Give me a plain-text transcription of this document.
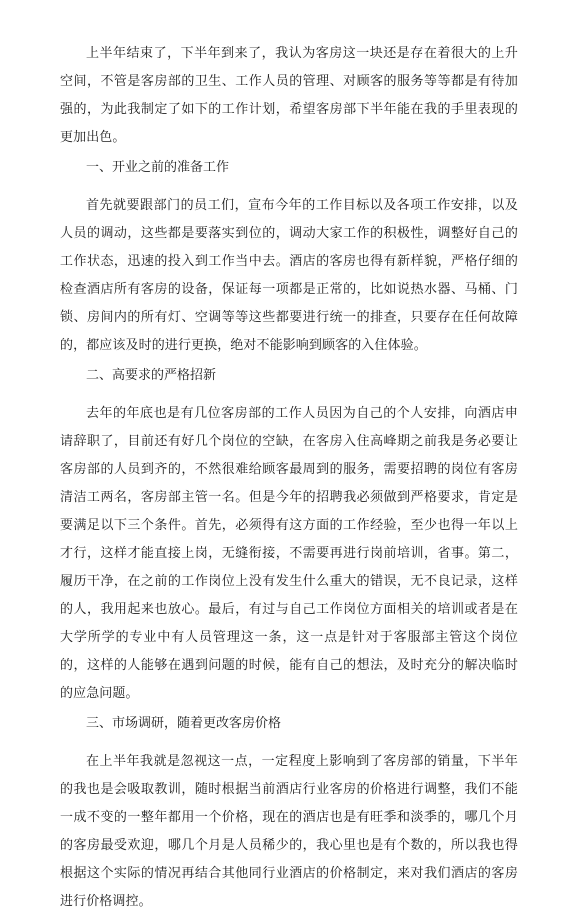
上半年结束了，下半年到来了，我认为客房这一块还是存在着很大的上升空间，不管是客房部的卫生、工作人员的管理、对顾客的服务等等都是有待加强的，为此我制定了如下的工作计划，希望客房部下半年能在我的手里表现的更加出色。

一、开业之前的准备工作

首先就要跟部门的员工们，宣布今年的工作目标以及各项工作安排，以及人员的调动，这些都是要落实到位的，调动大家工作的积极性，调整好自己的工作状态，迅速的投入到工作当中去。酒店的客房也得有新样貌，严格仔细的检查酒店所有客房的设备，保证每一项都是正常的，比如说热水器、马桶、门锁、房间内的所有灯、空调等等这些都要进行统一的排查，只要存在任何故障的，都应该及时的进行更换，绝对不能影响到顾客的入住体验。

二、高要求的严格招新

去年的年底也是有几位客房部的工作人员因为自己的个人安排，向酒店申请辞职了，目前还有好几个岗位的空缺，在客房入住高峰期之前我是务必要让客房部的人员到齐的，不然很难给顾客最周到的服务，需要招聘的岗位有客房清洁工两名，客房部主管一名。但是今年的招聘我必须做到严格要求，肯定是要满足以下三个条件。首先，必须得有这方面的工作经验，至少也得一年以上才行，这样才能直接上岗，无缝衔接，不需要再进行岗前培训，省事。第二，履历干净，在之前的工作岗位上没有发生什么重大的错误，无不良记录，这样的人，我用起来也放心。最后，有过与自己工作岗位方面相关的培训或者是在大学所学的专业中有人员管理这一条，这一点是针对于客服部主管这个岗位的，这样的人能够在遇到问题的时候，能有自己的想法，及时充分的解决临时的应急问题。

三、市场调研，随着更改客房价格

在上半年我就是忽视这一点，一定程度上影响到了客房部的销量，下半年的我也是会吸取教训，随时根据当前酒店行业客房的价格进行调整，我们不能一成不变的一整年都用一个价格，现在的酒店也是有旺季和淡季的，哪几个月的客房最受欢迎，哪几个月是人员稀少的，我心里也是有个数的，所以我也得根据这个实际的情况再结合其他同行业酒店的价格制定，来对我们酒店的客房进行价格调控。
